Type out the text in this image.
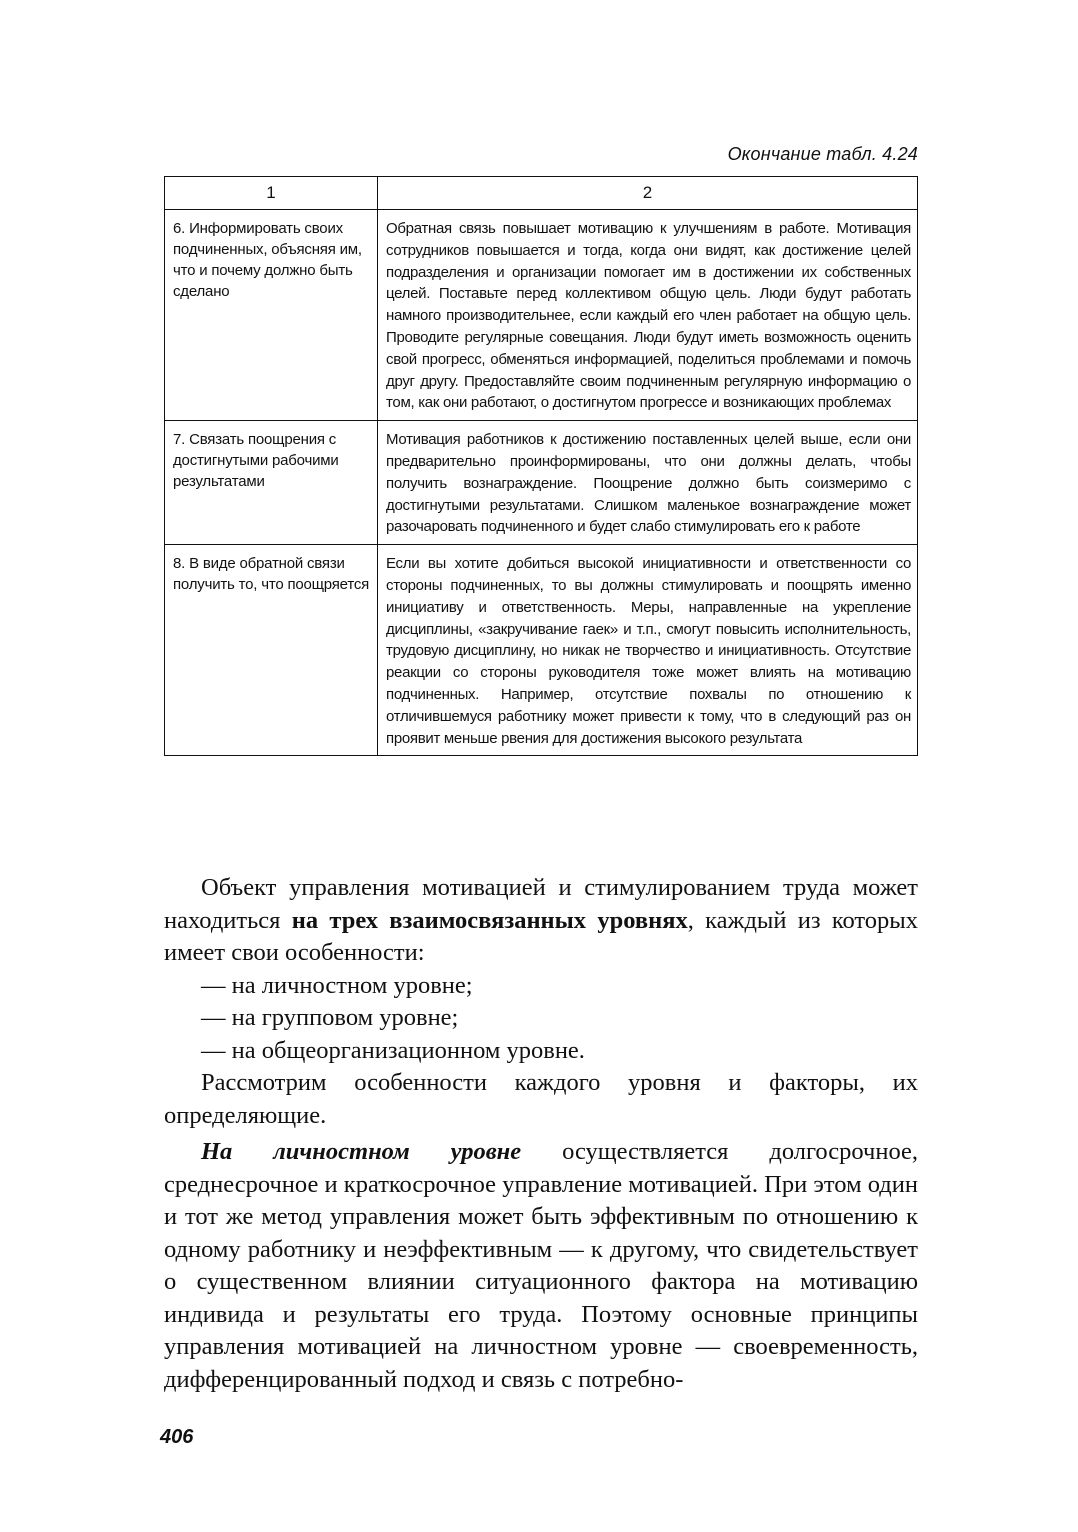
Окончание табл. 4.24
1	2
6. Информировать своих подчиненных, объясняя им, что и почему должно быть сделано	Обратная связь повышает мотивацию к улучшениям в работе. Мотивация сотрудников повышается и тогда, когда они видят, как достижение целей подразделения и организации помогает им в достижении их собственных целей. Поставьте перед коллективом общую цель. Люди будут работать намного производительнее, если каждый его член работает на общую цель. Проводите регулярные совещания. Люди будут иметь возможность оценить свой прогресс, обменяться информацией, поделиться проблемами и помочь друг другу. Предоставляйте своим подчиненным регулярную информацию о том, как они работают, о достигнутом прогрессе и возникающих проблемах
7. Связать поощрения с достигнутыми рабочими результатами	Мотивация работников к достижению поставленных целей выше, если они предварительно проинформированы, что они должны делать, чтобы получить вознаграждение. Поощрение должно быть соизмеримо с достигнутыми результатами. Слишком маленькое вознаграждение может разочаровать подчиненного и будет слабо стимулировать его к работе
8. В виде обратной связи получить то, что поощряется	Если вы хотите добиться высокой инициативности и ответственности со стороны подчиненных, то вы должны стимулировать и поощрять именно инициативу и ответственность. Меры, направленные на укрепление дисциплины, «закручивание гаек» и т.п., смогут повысить исполнительность, трудовую дисциплину, но никак не творчество и инициативность. Отсутствие реакции со стороны руководителя тоже может влиять на мотивацию подчиненных. Например, отсутствие похвалы по отношению к отличившемуся работнику может привести к тому, что в следующий раз он проявит меньше рвения для достижения высокого результата

Объект управления мотивацией и стимулированием труда может находиться на трех взаимосвязанных уровнях, каждый из которых имеет свои особенности:

— на личностном уровне;

— на групповом уровне;

— на общеорганизационном уровне.

Рассмотрим особенности каждого уровня и факторы, их определяющие.

На личностном уровне осуществляется долгосрочное, среднесрочное и краткосрочное управление мотивацией. При этом один и тот же метод управления может быть эффективным по отношению к одному работнику и неэффективным — к другому, что свидетельствует о существенном влиянии ситуационного фактора на мотивацию индивида и результаты его труда. Поэтому основные принципы управления мотивацией на личностном уровне — своевременность, дифференцированный подход и связь с потребно-

406
